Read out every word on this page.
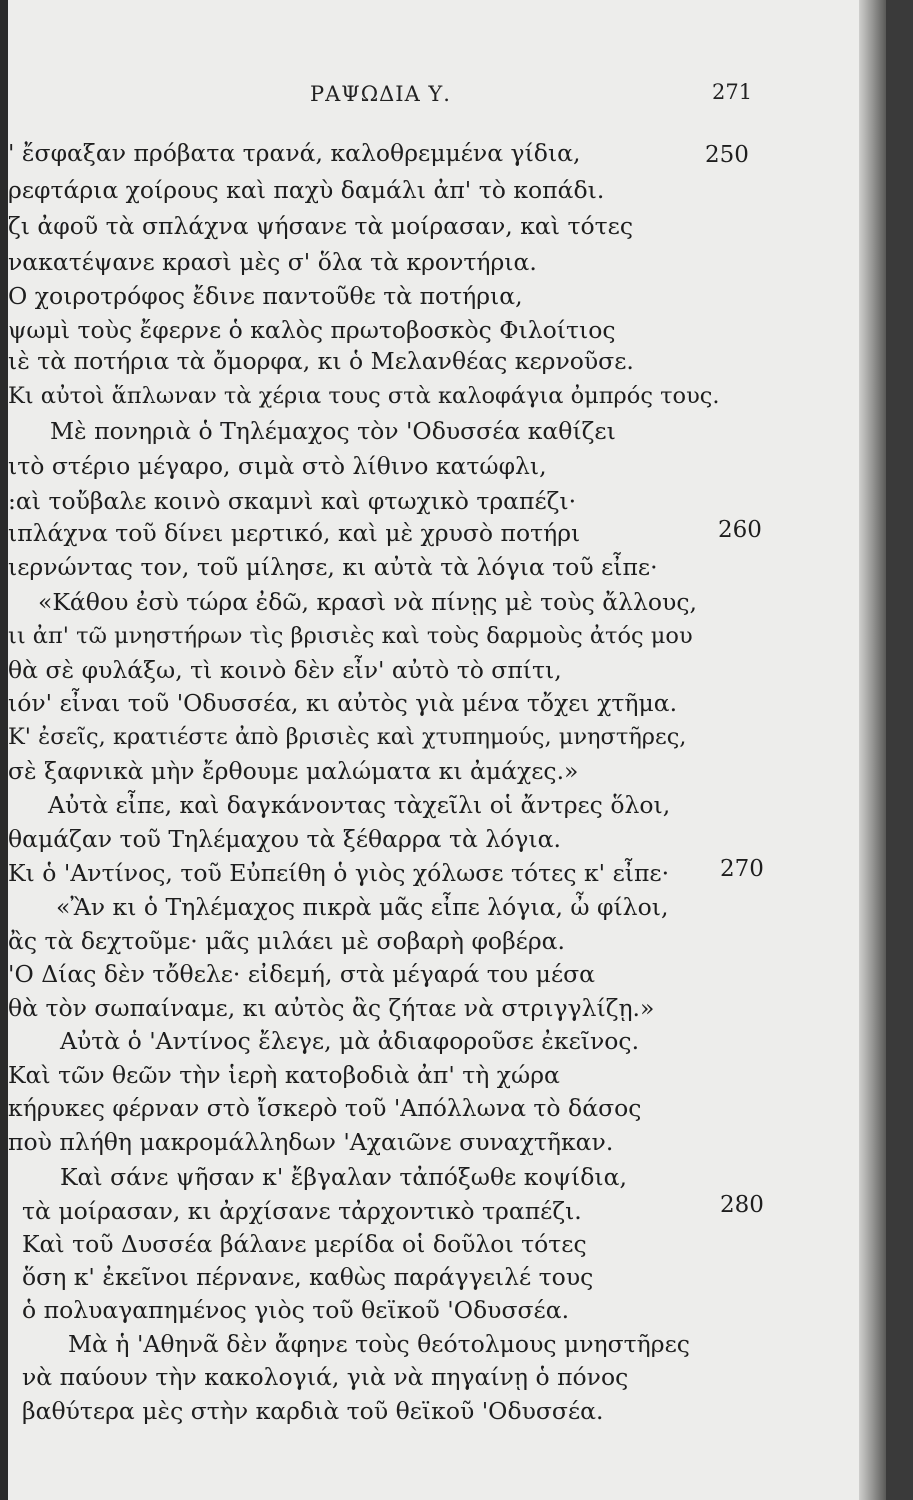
ΡΑΨΩΔΙΑ Υ.	271
' ἔσφαξαν πρόβατα τρανά, καλοθρεμμένα γίδια,
ρεφτάρια χοίρους καὶ παχὺ δαμάλι ἀπ' τὸ κοπάδι.
ζι ἀφοῦ τὰ σπλάχνα ψήσανε τὰ μοίρασαν, καὶ τότες
νακατέψανε κρασὶ μὲς σ' ὅλα τὰ κροντήρια.
Ο χοιροτρόφος ἔδινε παντοῦθε τὰ ποτήρια,
ψωμὶ τοὺς ἔφερνε ὁ καλὸς πρωτοβοσκὸς Φιλοίτιος
ιὲ τὰ ποτήρια τὰ ὄμορφα, κι ὁ Μελανθέας κερνοῦσε.
Κι αὐτοὶ ἅπλωναν τὰ χέρια τους στὰ καλοφάγια ὀμπρός τους.
Μὲ πονηριὰ ὁ Τηλέμαχος τὸν 'Οδυσσέα καθίζει
ιτὸ στέριο μέγαρο, σιμὰ στὸ λίθινο κατώφλι,
:αὶ τοὔβαλε κοινὸ σκαμνὶ καὶ φτωχικὸ τραπέζι·
ιπλάχνα τοῦ δίνει μερτικό, καὶ μὲ χρυσὸ ποτήρι
ιερνώντας τον, τοῦ μίλησε, κι αὐτὰ τὰ λόγια τοῦ εἶπε·
«Κάθου ἐσὺ τώρα ἐδῶ, κρασὶ νὰ πίνῃς μὲ τοὺς ἄλλους,
ιι ἀπ' τῶ μνηστήρων τὶς βρισιὲς καὶ τοὺς δαρμοὺς ἀτός μου
θὰ σὲ φυλάξω, τὶ κοινὸ δὲν εἶν' αὐτὸ τὸ σπίτι,
ιόν' εἶναι τοῦ 'Οδυσσέα, κι αὐτὸς γιὰ μένα τὄχει χτῆμα.
Κ' ἐσεῖς, κρατιέστε ἀπὸ βρισιὲς καὶ χτυπημούς, μνηστῆρες,
σὲ ξαφνικὰ μὴν ἔρθουμε μαλώματα κι ἀμάχες.»
Αὐτὰ εἶπε, καὶ δαγκάνοντας τὰχεῖλι οἱ ἄντρες ὅλοι,
θαμάζαν τοῦ Τηλέμαχου τὰ ξέθαρρα τὰ λόγια.
Κι ὁ 'Αντίνος, τοῦ Εὐπείθη ὁ γιὸς χόλωσε τότες κ' εἶπε·
«Ἂν κι ὁ Τηλέμαχος πικρὰ μᾶς εἶπε λόγια, ὦ φίλοι,
ἂς τὰ δεχτοῦμε· μᾶς μιλάει μὲ σοβαρὴ φοβέρα.
'Ο Δίας δὲν τὄθελε· εἰδεμή, στὰ μέγαρά του μέσα
θὰ τὸν σωπαίναμε, κι αὐτὸς ἂς ζήταε νὰ στριγγλίζῃ.»
Αὐτὰ ὁ 'Αντίνος ἔλεγε, μὰ ἀδιαφοροῦσε ἐκεῖνος.
Καὶ τῶν θεῶν τὴν ἱερὴ κατοβοδιὰ ἀπ' τὴ χώρα
κήρυκες φέρναν στὸ ἴσκερὸ τοῦ 'Απόλλωνα τὸ δάσος
ποὺ πλήθη μακρομάλληδων 'Αχαιῶνε συναχτῆκαν.
Καὶ σάνε ψῆσαν κ' ἔβγαλαν τἀπόξωθε κοψίδια,
τὰ μοίρασαν, κι ἀρχίσανε τἀρχοντικὸ τραπέζι.
Καὶ τοῦ Δυσσέα βάλανε μερίδα οἱ δοῦλοι τότες
ὅση κ' ἐκεῖνοι πέρνανε, καθὼς παράγγειλέ τους
ὁ πολυαγαπημένος γιὸς τοῦ θεϊκοῦ 'Οδυσσέα.
Μὰ ἡ 'Αθηνᾶ δὲν ἄφηνε τοὺς θεότολμους μνηστῆρες
νὰ παύουν τὴν κακολογιά, γιὰ νὰ πηγαίνῃ ὁ πόνος
βαθύτερα μὲς στὴν καρδιὰ τοῦ θεϊκοῦ 'Οδυσσέα.
250
260
270
280
